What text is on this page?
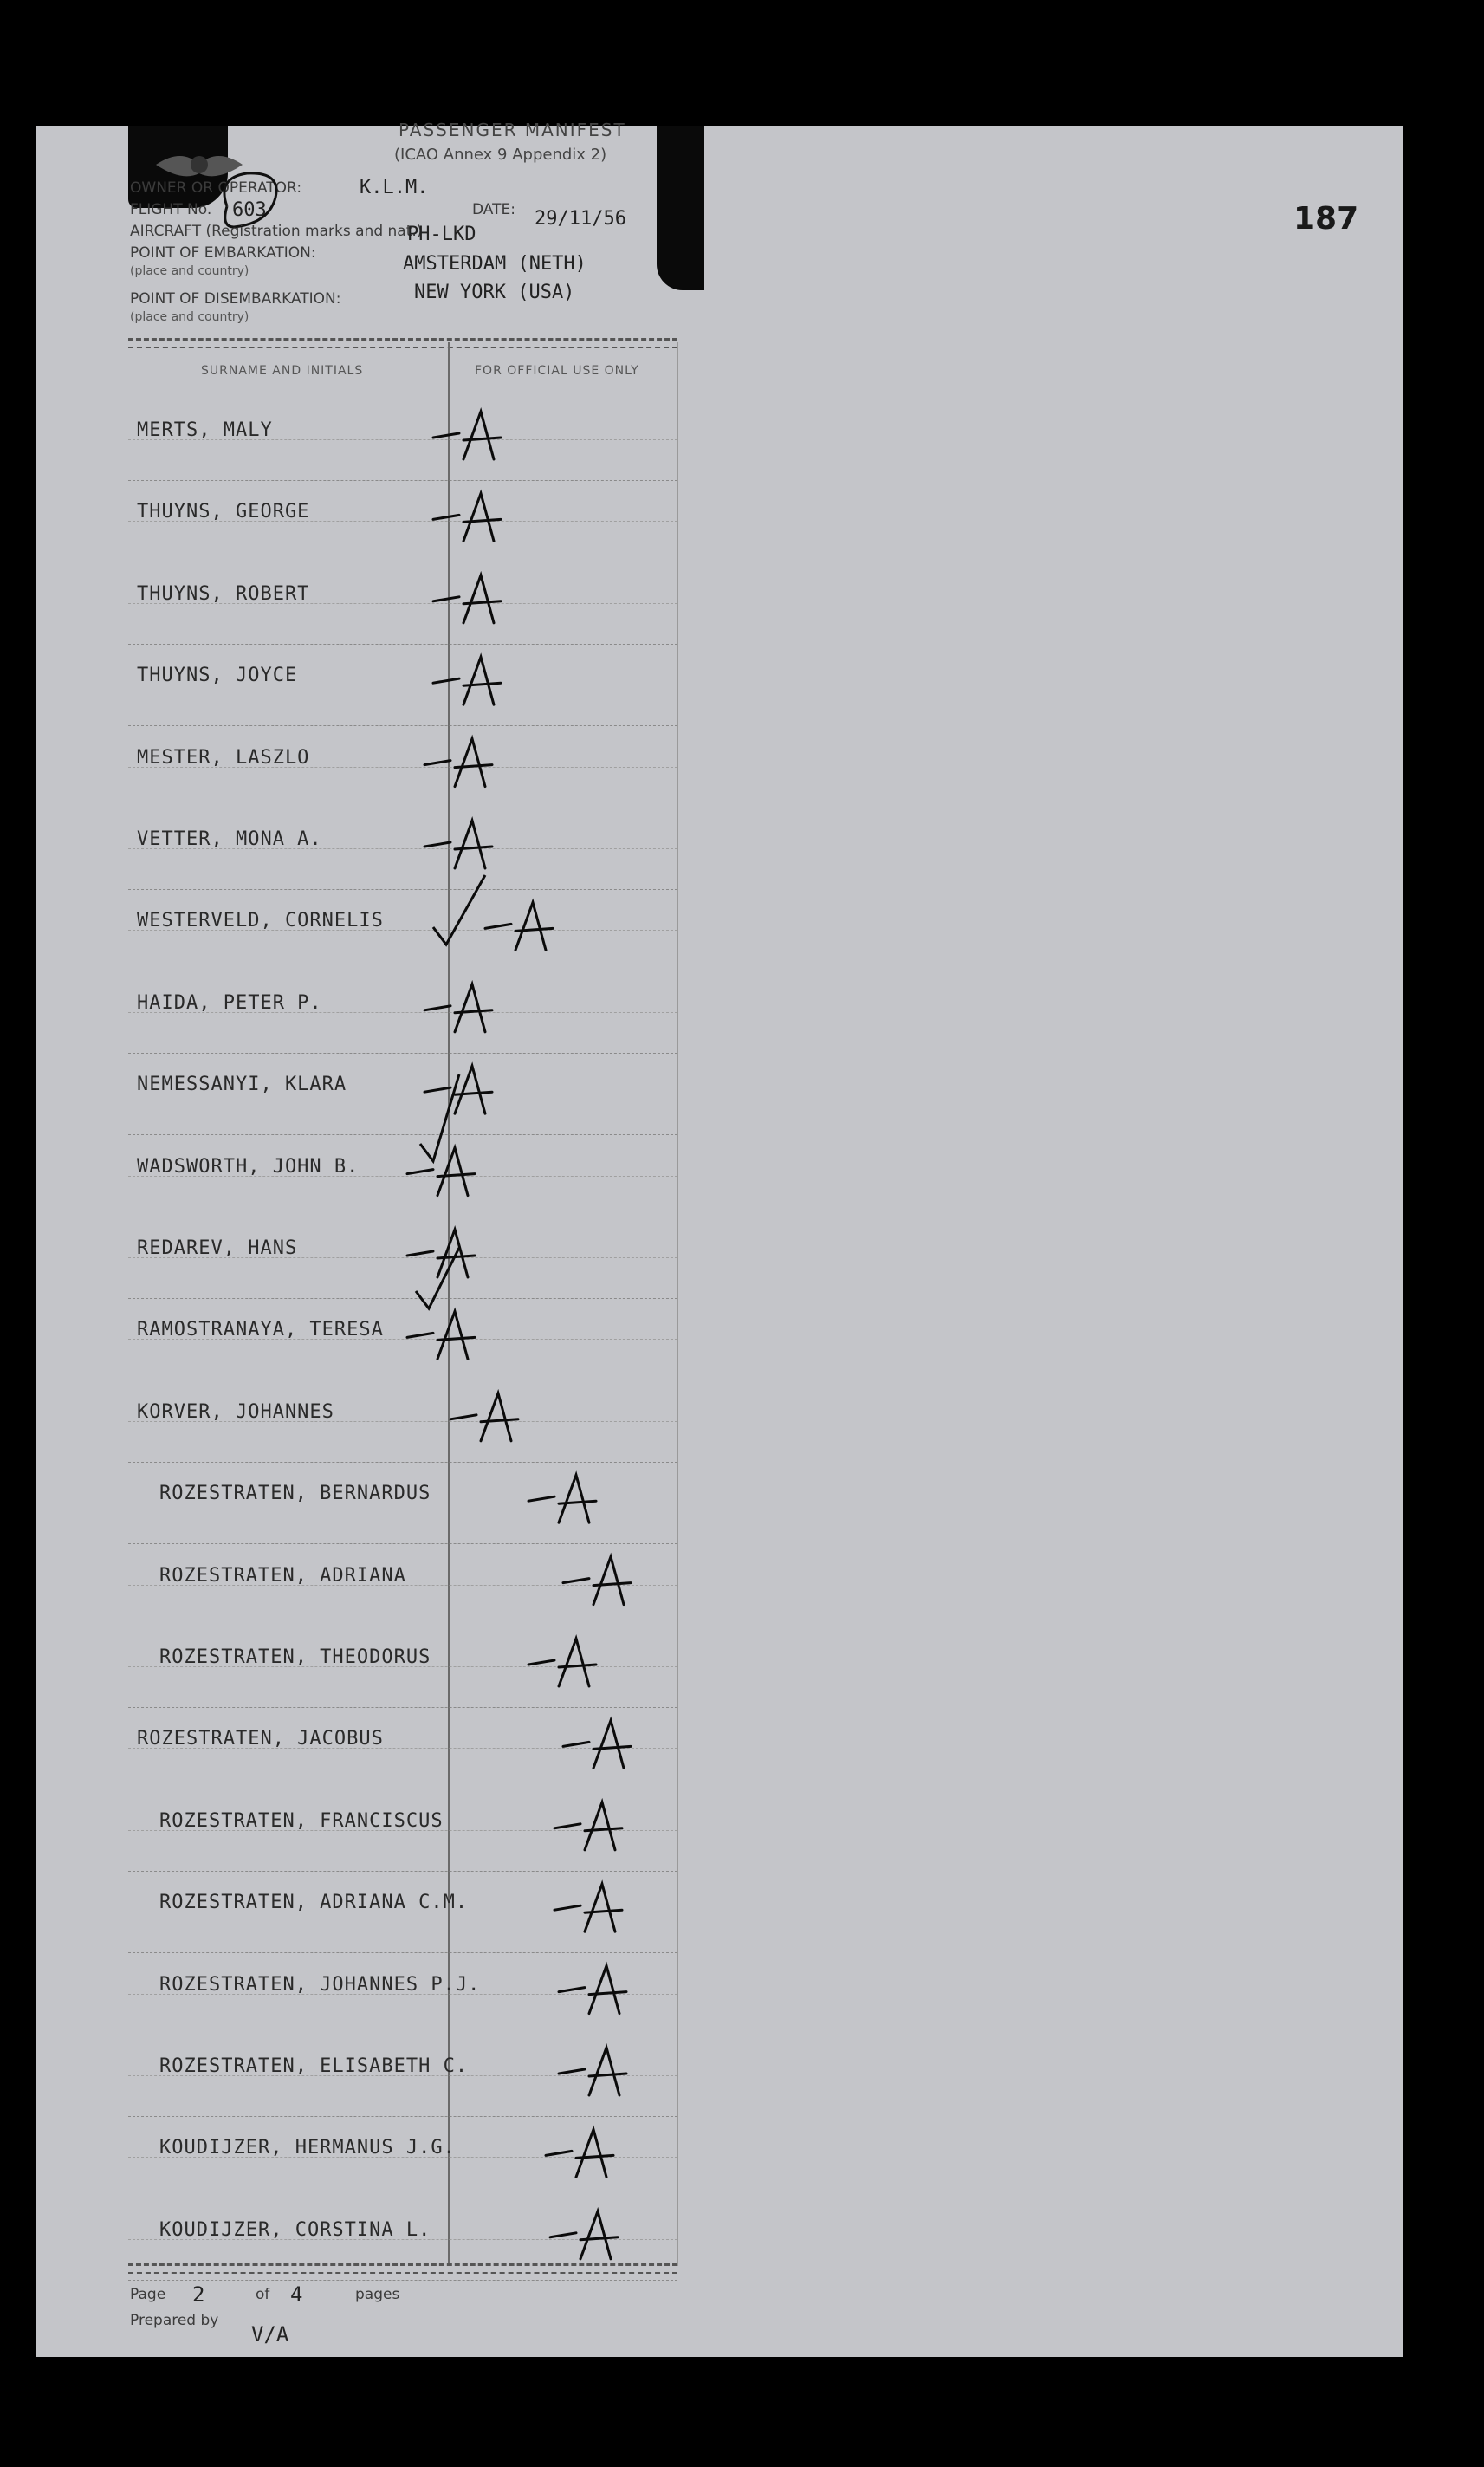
PASSENGER MANIFEST
(ICAO Annex 9 Appendix 2)
187
OWNER OR OPERATOR:	K.L.M.
FLIGHT No. 603	DATE: 29/11/56
AIRCRAFT (Registration marks and nat.)
PH-LKD
POINT OF EMBARKATION:
(place and country)	AMSTERDAM (NETH)
POINT OF DISEMBARKATION:
(place and country)
NEW YORK (USA)
SURNAME AND INITIALS	FOR OFFICIAL USE ONLY
MERTS, MALY
THUYNS, GEORGE
THUYNS, ROBERT
THUYNS, JOYCE
MESTER, LASZLO
VETTER, MONA A.
WESTERVELD, CORNELIS
HAIDA, PETER P.
NEMESSANYI, KLARA
WADSWORTH, JOHN B.
REDAREV, HANS
RAMOSTRANAYA, TERESA
KORVER, JOHANNES
ROZESTRATEN, BERNARDUS
ROZESTRATEN, ADRIANA
ROZESTRATEN, THEODORUS
ROZESTRATEN, JACOBUS
ROZESTRATEN, FRANCISCUS
ROZESTRATEN, ADRIANA C.M.
ROZESTRATEN, JOHANNES P.J.
ROZESTRATEN, ELISABETH C.
KOUDIJZER, HERMANUS J.G.
KOUDIJZER, CORSTINA L.
Page 2	of 4	pages
Prepared by
V/A
